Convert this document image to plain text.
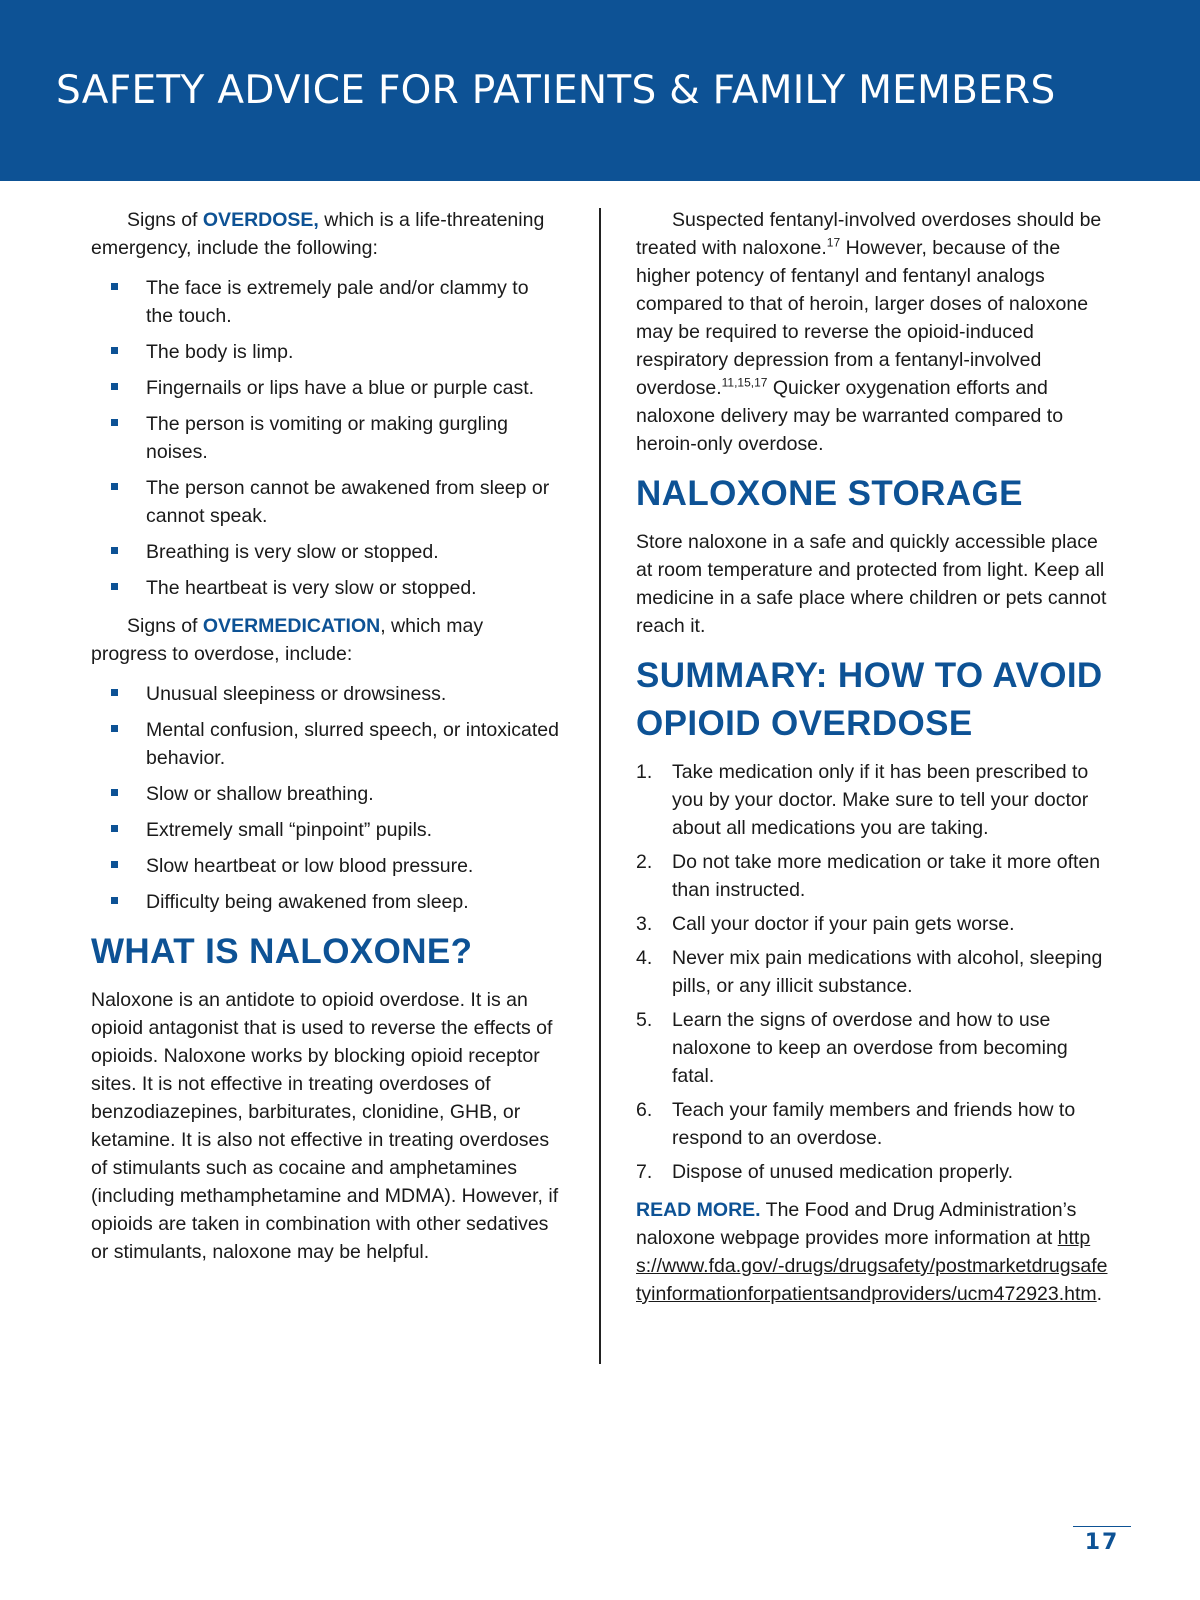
SAFETY ADVICE FOR PATIENTS & FAMILY MEMBERS

Signs of OVERDOSE, which is a life-threatening emergency, include the following:

The face is extremely pale and/or clammy to the touch.
The body is limp.
Fingernails or lips have a blue or purple cast.
The person is vomiting or making gurgling noises.
The person cannot be awakened from sleep or cannot speak.
Breathing is very slow or stopped.
The heartbeat is very slow or stopped.

Signs of OVERMEDICATION, which may progress to overdose, include:

Unusual sleepiness or drowsiness.
Mental confusion, slurred speech, or intoxicated behavior.
Slow or shallow breathing.
Extremely small “pinpoint” pupils.
Slow heartbeat or low blood pressure.
Difficulty being awakened from sleep.
WHAT IS NALOXONE?

Naloxone is an antidote to opioid overdose. It is an opioid antagonist that is used to reverse the effects of opioids. Naloxone works by blocking opioid receptor sites. It is not effective in treating overdoses of benzodiazepines, barbiturates, clonidine, GHB, or ketamine. It is also not effective in treating overdoses of stimulants such as cocaine and amphetamines (including methamphetamine and MDMA). However, if opioids are taken in combination with other sedatives or stimulants, naloxone may be helpful.

Suspected fentanyl-involved overdoses should be treated with naloxone.$^{17}$ However, because of the higher potency of fentanyl and fentanyl analogs compared to that of heroin, larger doses of naloxone may be required to reverse the opioid-induced respiratory depression from a fentanyl-involved overdose.$^{11,15,17}$ Quicker oxygenation efforts and naloxone delivery may be warranted compared to heroin-only overdose.

NALOXONE STORAGE

Store naloxone in a safe and quickly accessible place at room temperature and protected from light. Keep all medicine in a safe place where children or pets cannot reach it.

SUMMARY: HOW TO AVOID OPIOID OVERDOSE
1. Take medication only if it has been prescribed to you by your doctor. Make sure to tell your doctor about all medications you are taking.
2. Do not take more medication or take it more often than instructed.
3. Call your doctor if your pain gets worse.
4. Never mix pain medications with alcohol, sleeping pills, or any illicit substance.
5. Learn the signs of overdose and how to use naloxone to keep an overdose from becoming fatal.
6. Teach your family members and friends how to respond to an overdose.
7. Dispose of unused medication properly.

READ MORE. The Food and Drug Administration’s naloxone webpage provides more information at https://www.fda.gov/-drugs/drugsafety/postmarketdrugsafetyinformationforpatientsandproviders/ucm472923.htm.

17
